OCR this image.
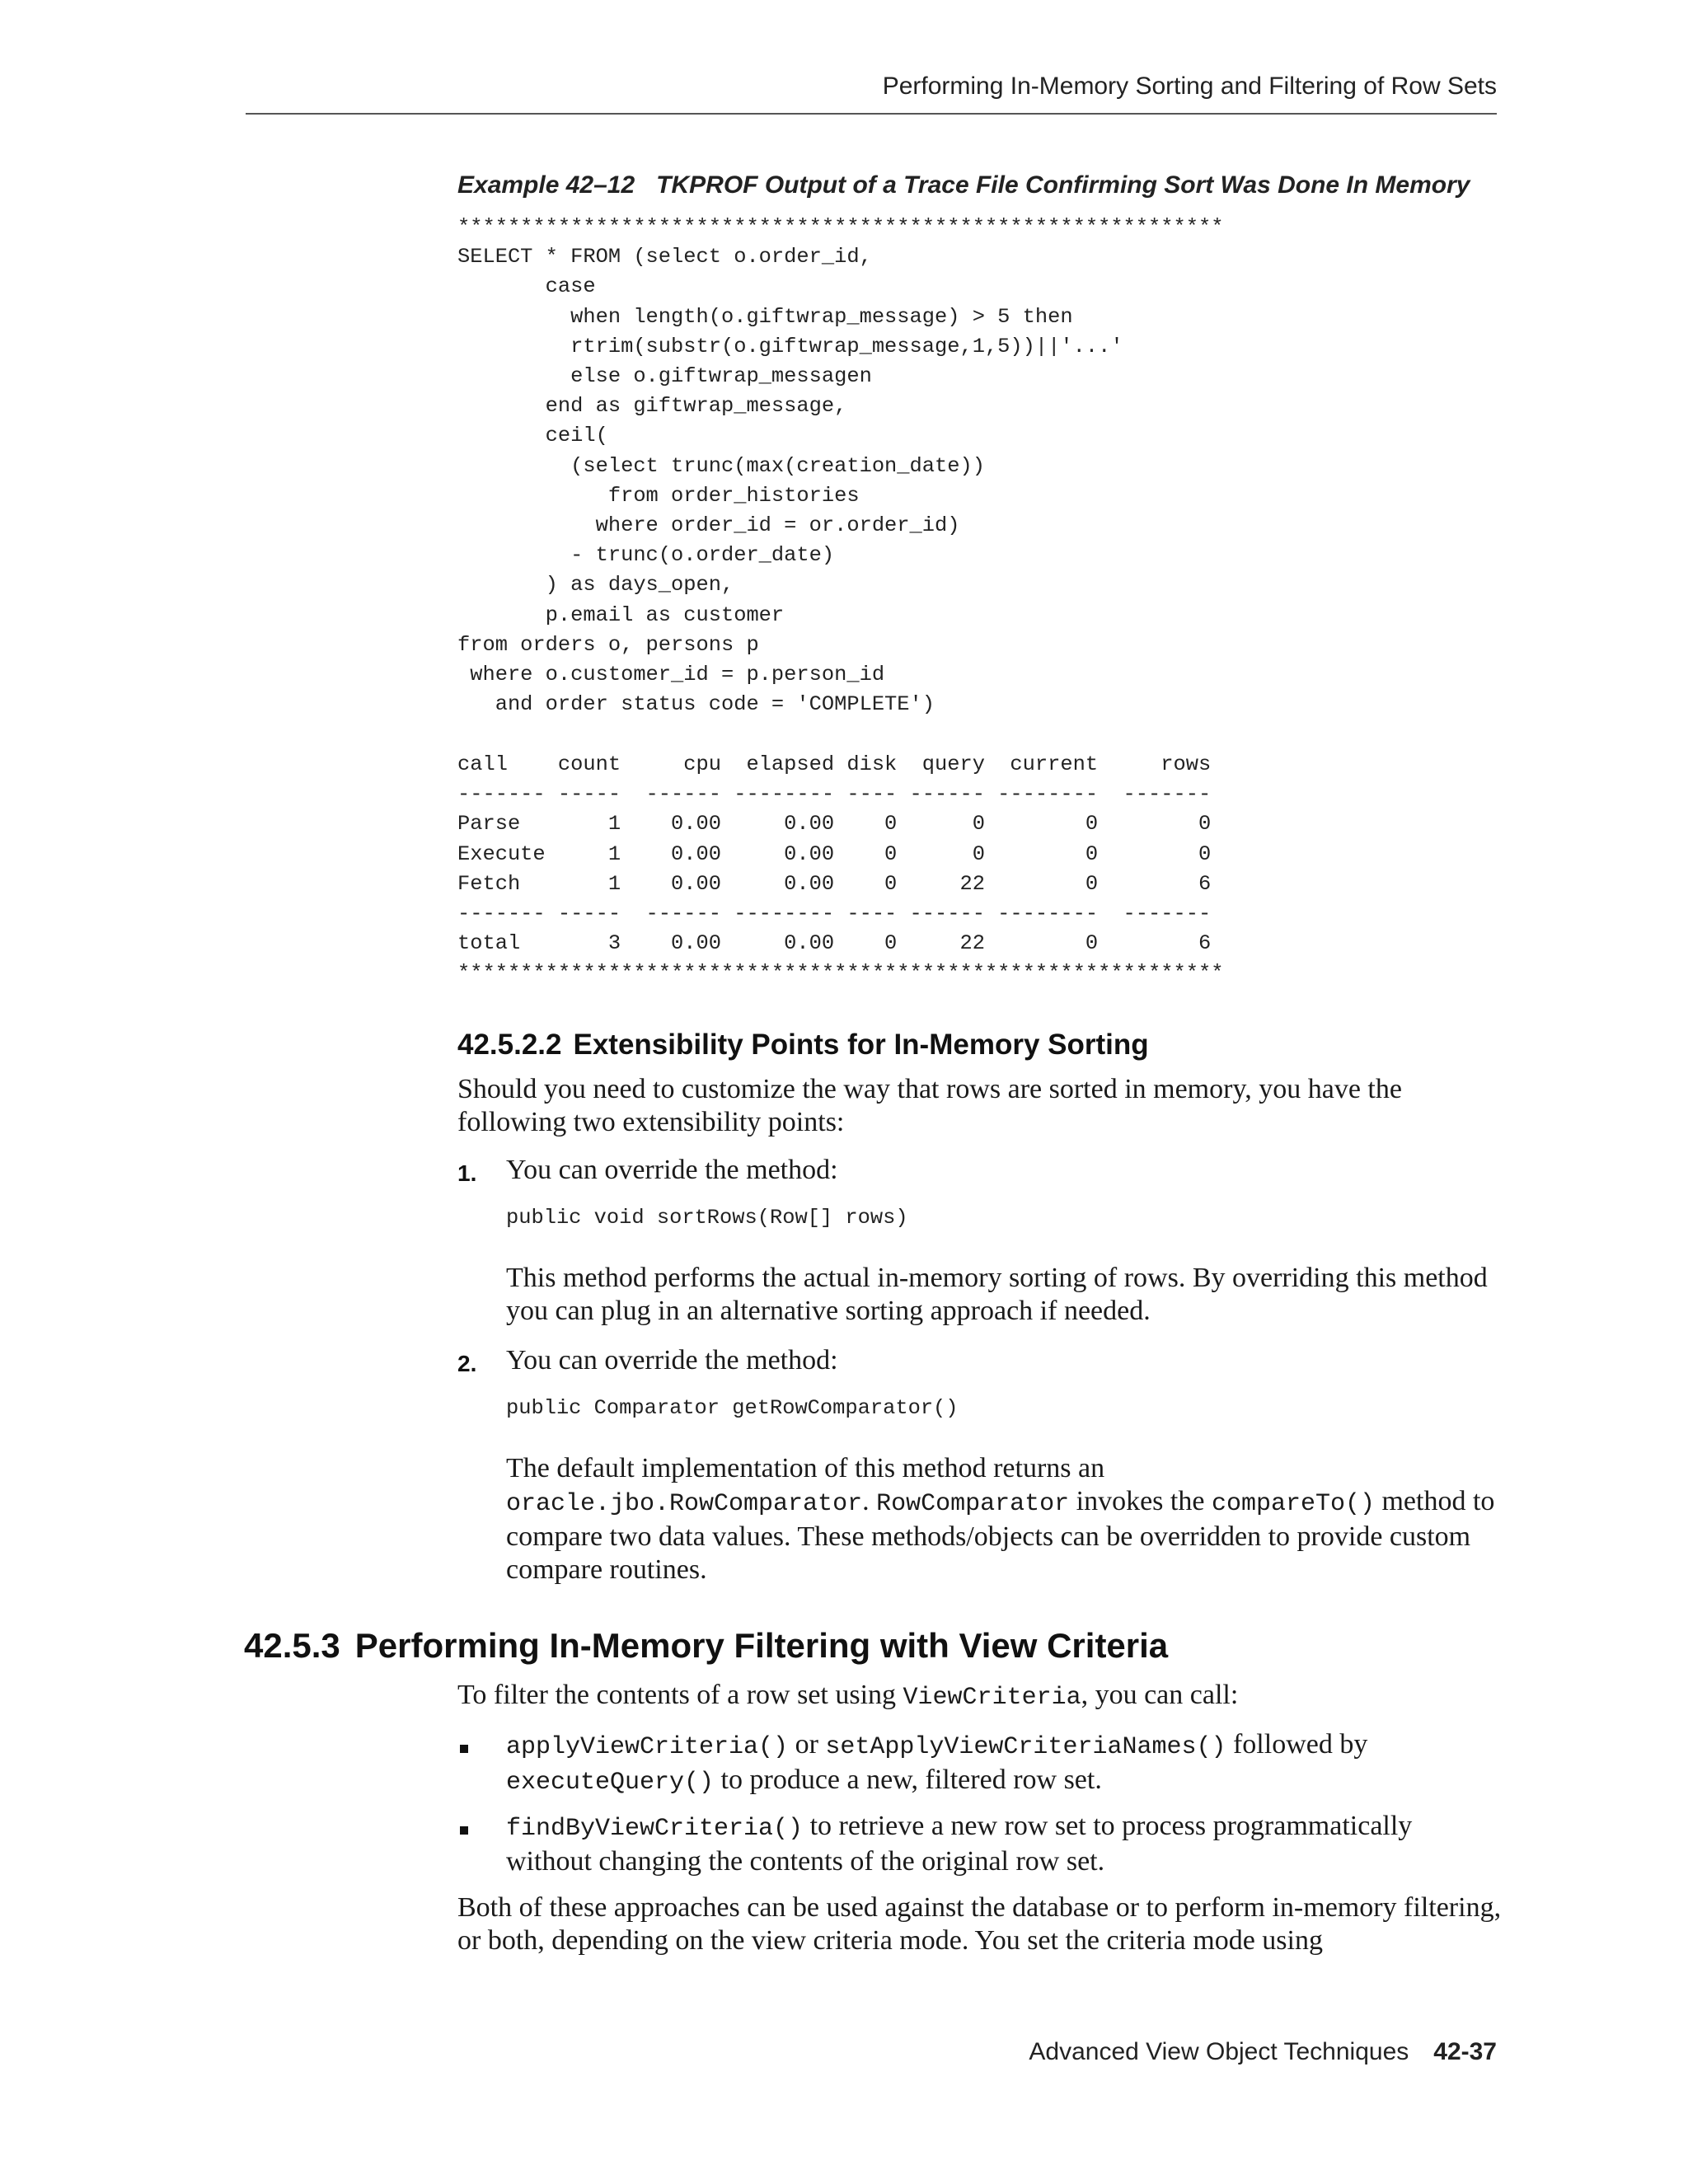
Performing In-Memory Sorting and Filtering of Row Sets
Example 42–12 TKPROF Output of a Trace File Confirming Sort Was Done In Memory
*************************************************************
SELECT * FROM (select o.order_id,
case
when length(o.giftwrap_message) > 5 then
rtrim(substr(o.giftwrap_message,1,5))||'...'
else o.giftwrap_messagen
end as giftwrap_message,
ceil(
(select trunc(max(creation_date))
from order_histories
where order_id = or.order_id)
- trunc(o.order_date)
) as days_open,
p.email as customer
from orders o, persons p
where o.customer_id = p.person_id
and order status code = 'COMPLETE')
call    count     cpu  elapsed disk  query  current     rows
------- -----  ------ -------- ---- ------ --------  -------
Parse       1    0.00     0.00    0      0        0        0
Execute     1    0.00     0.00    0      0        0        0
Fetch       1    0.00     0.00    0     22        0        6
------- -----  ------ -------- ---- ------ --------  -------
total       3    0.00     0.00    0     22        0        6
*************************************************************
42.5.2.2 Extensibility Points for In-Memory Sorting
Should you need to customize the way that rows are sorted in memory, you have the following two extensibility points:
1. You can override the method:
public void sortRows(Row[] rows)
This method performs the actual in-memory sorting of rows. By overriding this method you can plug in an alternative sorting approach if needed.
2. You can override the method:
public Comparator getRowComparator()
The default implementation of this method returns an
oracle.jbo.RowComparator. RowComparator invokes the compareTo() method to compare two data values. These methods/objects can be overridden to provide custom compare routines.
42.5.3 Performing In-Memory Filtering with View Criteria
To filter the contents of a row set using ViewCriteria, you can call:
applyViewCriteria() or setApplyViewCriteriaNames() followed by executeQuery() to produce a new, filtered row set.
findByViewCriteria() to retrieve a new row set to process programmatically without changing the contents of the original row set.
Both of these approaches can be used against the database or to perform in-memory filtering, or both, depending on the view criteria mode. You set the criteria mode using
Advanced View Object Techniques 42-37
